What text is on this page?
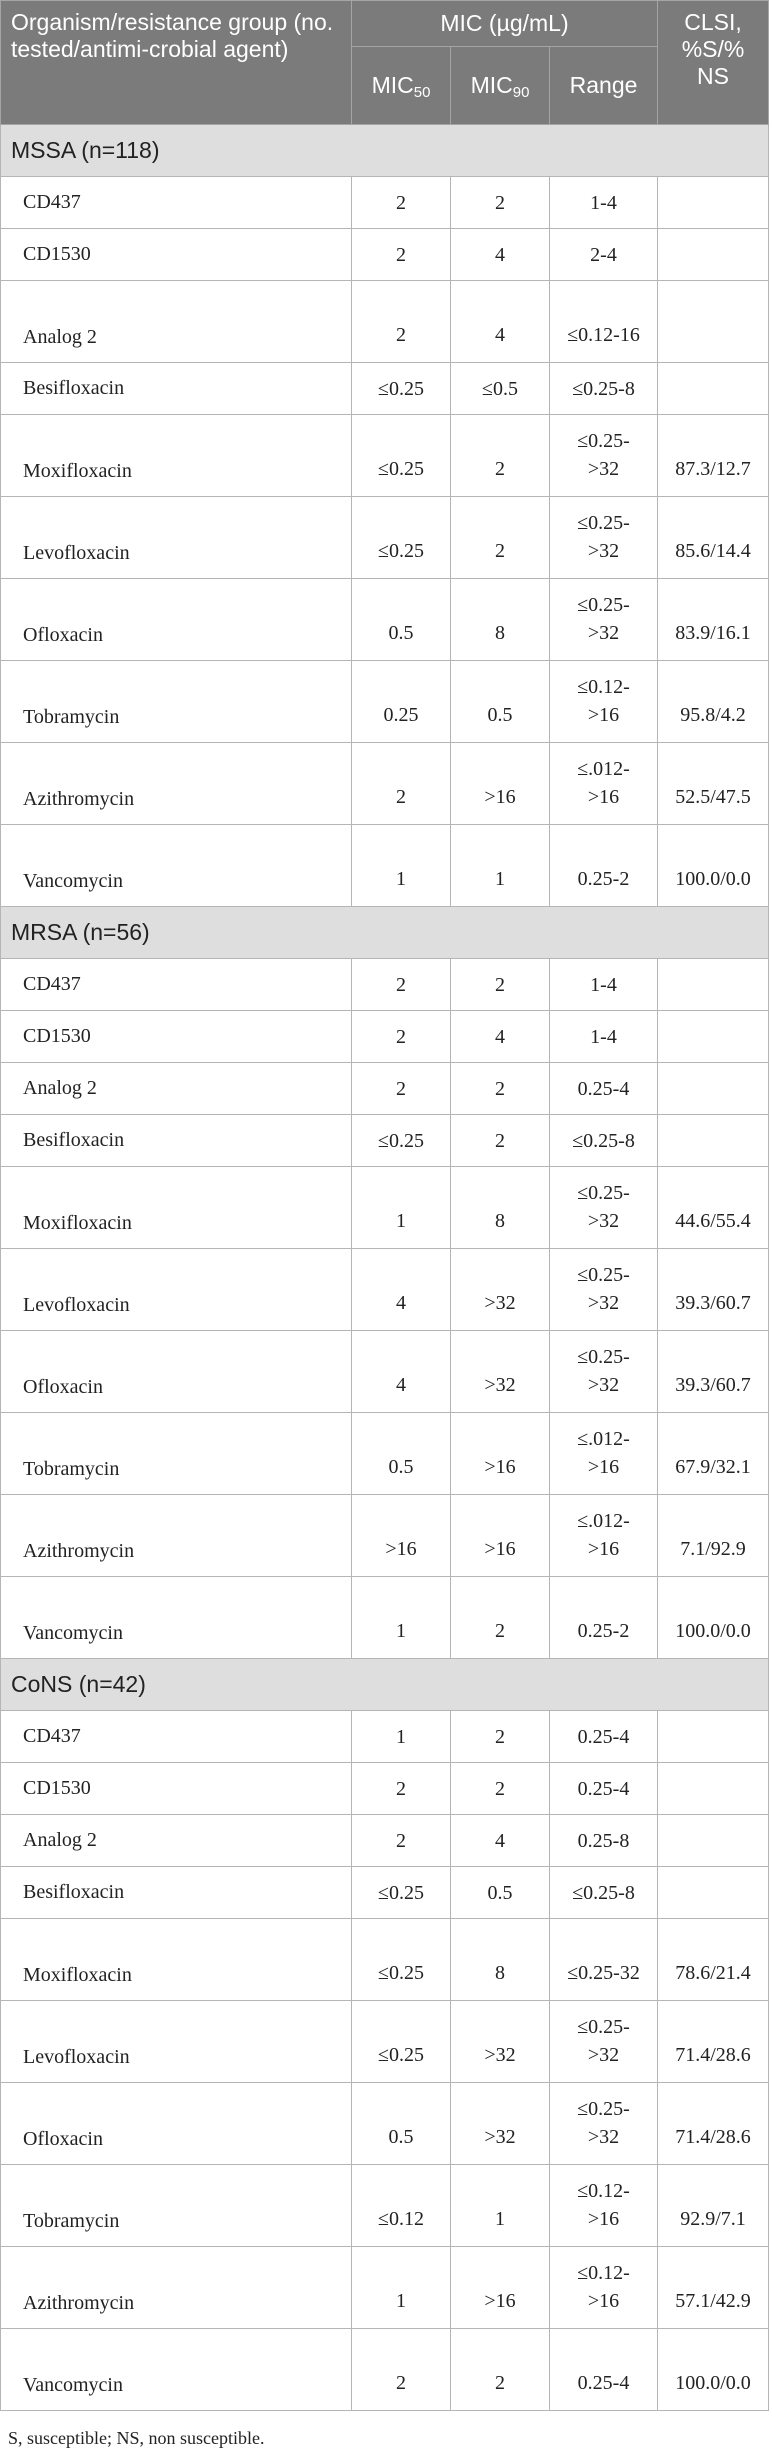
Organism/resistance group (no. tested/antimi-crobial agent)	MIC (µg/mL)			CLSI, %S/% NS
	$MIC_{50}$	$MIC_{90}$	Range	
MSSA (n=118)				
CD437	2	2	1-4	
CD1530	2	4	2-4	
Analog 2	2	4	≤0.12-16	
Besifloxacin	≤0.25	≤0.5	≤0.25-8	
Moxifloxacin	≤0.25	2	≤0.25->32	87.3/12.7
Levofloxacin	≤0.25	2	≤0.25->32	85.6/14.4
Ofloxacin	0.5	8	≤0.25->32	83.9/16.1
Tobramycin	0.25	0.5	≤0.12->16	95.8/4.2
Azithromycin	2	>16	≤.012->16	52.5/47.5
Vancomycin	1	1	0.25-2	100.0/0.0
MRSA (n=56)				
CD437	2	2	1-4	
CD1530	2	4	1-4	
Analog 2	2	2	0.25-4	
Besifloxacin	≤0.25	2	≤0.25-8	
Moxifloxacin	1	8	≤0.25->32	44.6/55.4
Levofloxacin	4	>32	≤0.25->32	39.3/60.7
Ofloxacin	4	>32	≤0.25->32	39.3/60.7
Tobramycin	0.5	>16	≤.012->16	67.9/32.1
Azithromycin	>16	>16	≤.012->16	7.1/92.9
Vancomycin	1	2	0.25-2	100.0/0.0
CoNS (n=42)				
CD437	1	2	0.25-4	
CD1530	2	2	0.25-4	
Analog 2	2	4	0.25-8	
Besifloxacin	≤0.25	0.5	≤0.25-8	
Moxifloxacin	≤0.25	8	≤0.25-32	78.6/21.4
Levofloxacin	≤0.25	>32	≤0.25->32	71.4/28.6
Ofloxacin	0.5	>32	≤0.25->32	71.4/28.6
Tobramycin	≤0.12	1	≤0.12->16	92.9/7.1
Azithromycin	1	>16	≤0.12->16	57.1/42.9
Vancomycin	2	2	0.25-4	100.0/0.0
S, susceptible; NS, non susceptible.
